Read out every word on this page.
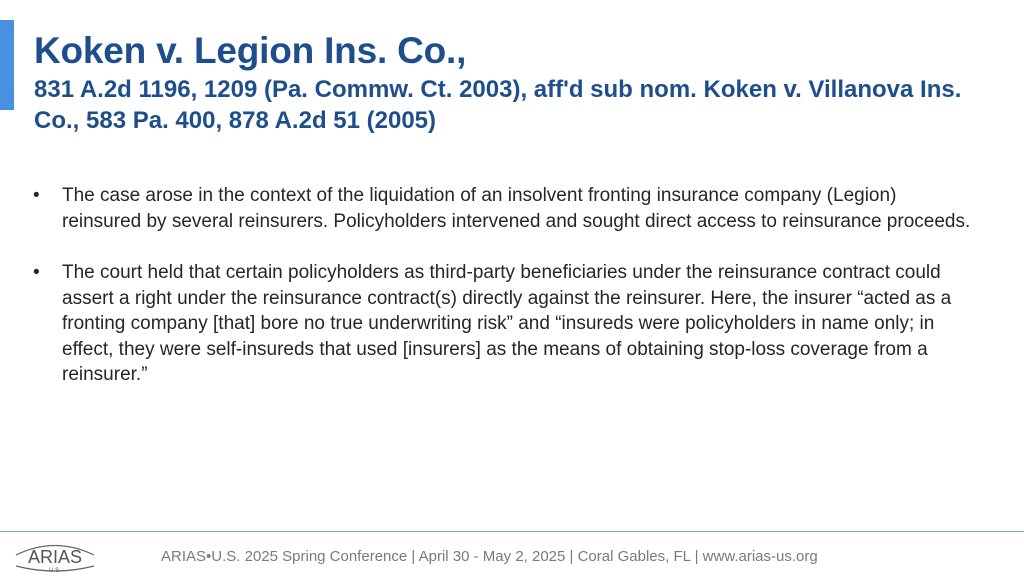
Koken v. Legion Ins. Co.,
831 A.2d 1196, 1209 (Pa. Commw. Ct. 2003), aff'd sub nom. Koken v. Villanova Ins. Co., 583 Pa. 400, 878 A.2d 51 (2005)
• The case arose in the context of the liquidation of an insolvent fronting insurance company (Legion) reinsured by several reinsurers. Policyholders intervened and sought direct access to reinsurance proceeds.
• The court held that certain policyholders as third-party beneficiaries under the reinsurance contract could assert a right under the reinsurance contract(s) directly against the reinsurer. Here, the insurer “acted as a fronting company [that] bore no true underwriting risk” and “insureds were policyholders in name only; in effect, they were self-insureds that used [insurers] as the means of obtaining stop-loss coverage from a reinsurer.”
ARIAS
U.S.
ARIAS•U.S. 2025 Spring Conference | April 30 - May 2, 2025 | Coral Gables, FL | www.arias-us.org
